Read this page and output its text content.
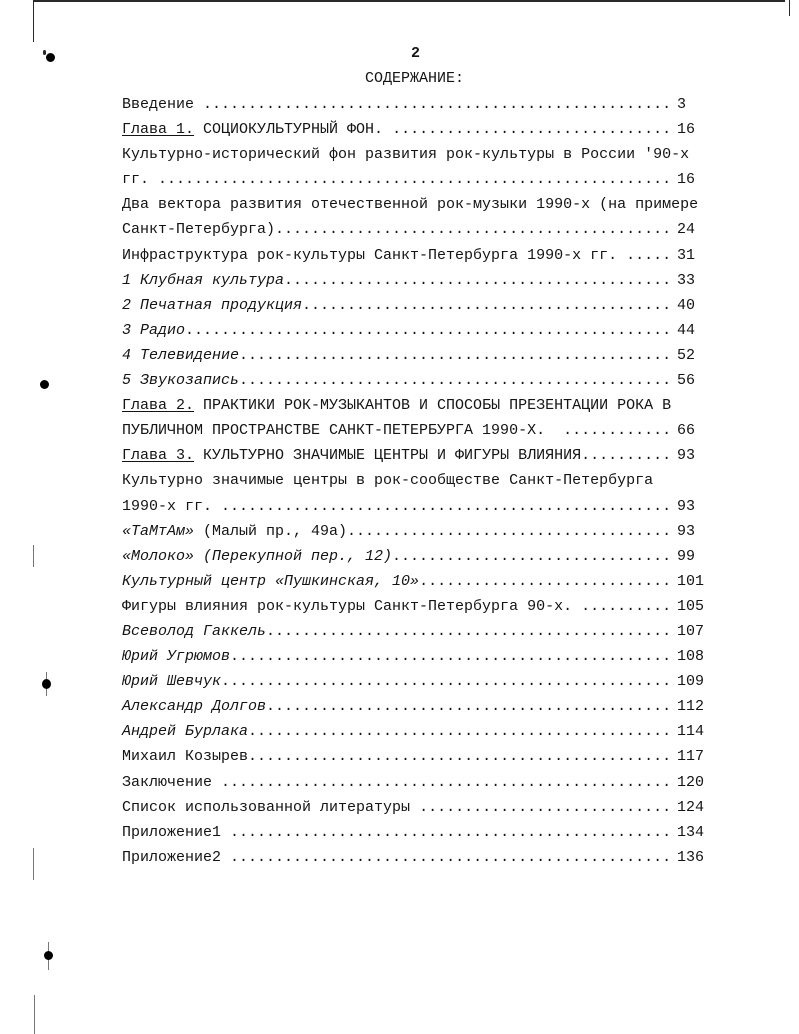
2
СОДЕРЖАНИЕ:
Введение .....	3
Глава 1. СОЦИОКУЛЬТУРНЫЙ ФОН. .....	16
Культурно-исторический фон развития рок-культуры в России '90-х
гг. .....	16
Два вектора развития отечественной рок-музыки 1990-х (на примере
Санкт-Петербурга) .....	24
Инфраструктура рок-культуры Санкт-Петербурга 1990-х гг. .....	31
1 Клубная культура .....	33
2 Печатная продукция .....	40
3 Радио .....	44
4 Телевидение .....	52
5 Звукозапись .....	56
Глава 2. ПРАКТИКИ РОК-МУЗЫКАНТОВ И СПОСОБЫ ПРЕЗЕНТАЦИИ РОКА В
ПУБЛИЧНОМ ПРОСТРАНСТВЕ САНКТ-ПЕТЕРБУРГА 1990-Х. .....	66
Глава 3. КУЛЬТУРНО ЗНАЧИМЫЕ ЦЕНТРЫ И ФИГУРЫ ВЛИЯНИЯ. .....	93
Культурно значимые центры в рок-сообществе Санкт-Петербурга
1990-х гг. .....	93
«ТаМтАм» (Малый пр., 49а) .....	93
«Молоко» (Перекупной пер., 12) .....	99
Культурный центр «Пушкинская, 10» .....	101
Фигуры влияния рок-культуры Санкт-Петербурга 90-х. .....	105
Всеволод Гаккель .....	107
Юрий Угрюмов .....	108
Юрий Шевчук .....	109
Александр Долгов .....	112
Андрей Бурлака .....	114
Михаил Козырев .....	117
Заключение .....	120
Список использованной литературы .....	124
Приложение1 .....	134
Приложение2 .....	136
